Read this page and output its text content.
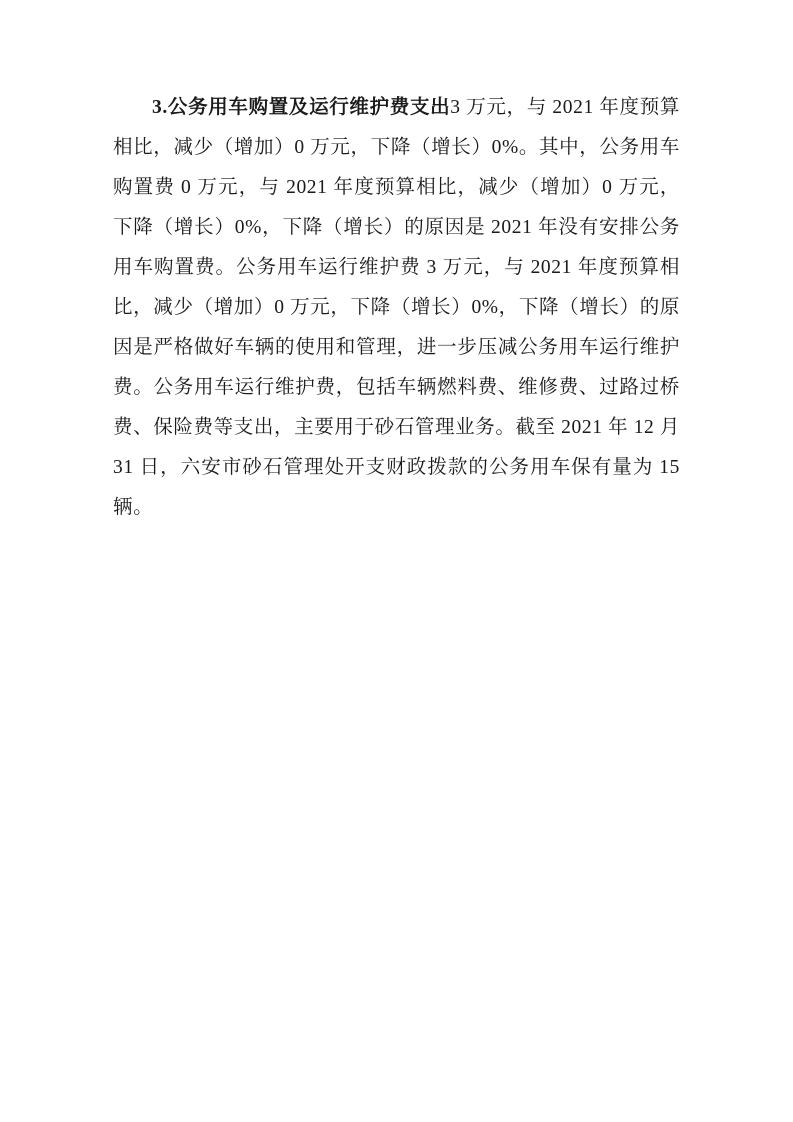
3.公务用车购置及运行维护费支出3 万元，与 2021 年度预算相比，减少（增加）0 万元，下降（增长）0%。其中，公务用车购置费 0 万元，与 2021 年度预算相比，减少（增加）0 万元，下降（增长）0%，下降（增长）的原因是 2021 年没有安排公务用车购置费。公务用车运行维护费 3 万元，与 2021 年度预算相比，减少（增加）0 万元，下降（增长）0%，下降（增长）的原因是严格做好车辆的使用和管理，进一步压减公务用车运行维护费。公务用车运行维护费，包括车辆燃料费、维修费、过路过桥费、保险费等支出，主要用于砂石管理业务。截至 2021 年 12 月 31 日，六安市砂石管理处开支财政拨款的公务用车保有量为 15 辆。
